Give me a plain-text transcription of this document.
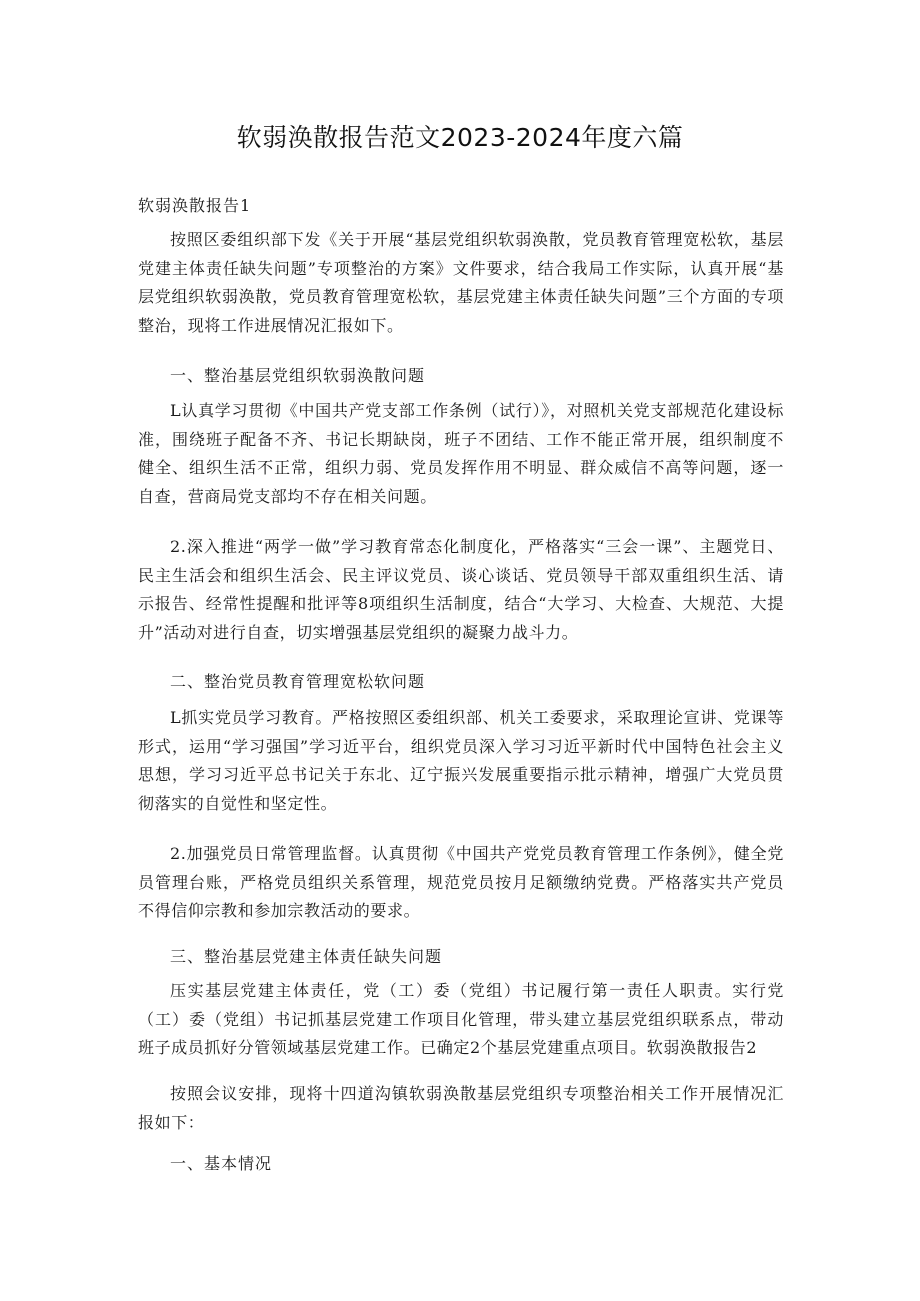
软弱涣散报告范文2023-2024年度六篇
软弱涣散报告1
按照区委组织部下发《关于开展“基层党组织软弱涣散，党员教育管理宽松软，基层党建主体责任缺失问题”专项整治的方案》文件要求，结合我局工作实际，认真开展“基层党组织软弱涣散，党员教育管理宽松软，基层党建主体责任缺失问题”三个方面的专项整治，现将工作进展情况汇报如下。
一、整治基层党组织软弱涣散问题
L认真学习贯彻《中国共产党支部工作条例（试行）》，对照机关党支部规范化建设标准，围绕班子配备不齐、书记长期缺岗，班子不团结、工作不能正常开展，组织制度不健全、组织生活不正常，组织力弱、党员发挥作用不明显、群众威信不高等问题，逐一自查，营商局党支部均不存在相关问题。
2.深入推进“两学一做”学习教育常态化制度化，严格落实“三会一课”、主题党日、民主生活会和组织生活会、民主评议党员、谈心谈话、党员领导干部双重组织生活、请示报告、经常性提醒和批评等8项组织生活制度，结合“大学习、大检查、大规范、大提升”活动对进行自查，切实增强基层党组织的凝聚力战斗力。
二、整治党员教育管理宽松软问题
L抓实党员学习教育。严格按照区委组织部、机关工委要求，采取理论宣讲、党课等形式，运用“学习强国”学习近平台，组织党员深入学习习近平新时代中国特色社会主义思想，学习习近平总书记关于东北、辽宁振兴发展重要指示批示精神，增强广大党员贯彻落实的自觉性和坚定性。
2.加强党员日常管理监督。认真贯彻《中国共产党党员教育管理工作条例》，健全党员管理台账，严格党员组织关系管理，规范党员按月足额缴纳党费。严格落实共产党员不得信仰宗教和参加宗教活动的要求。
三、整治基层党建主体责任缺失问题
压实基层党建主体责任，党（工）委（党组）书记履行第一责任人职责。实行党（工）委（党组）书记抓基层党建工作项目化管理，带头建立基层党组织联系点，带动班子成员抓好分管领域基层党建工作。已确定2个基层党建重点项目。软弱涣散报告2
按照会议安排，现将十四道沟镇软弱涣散基层党组织专项整治相关工作开展情况汇报如下：
一、基本情况
